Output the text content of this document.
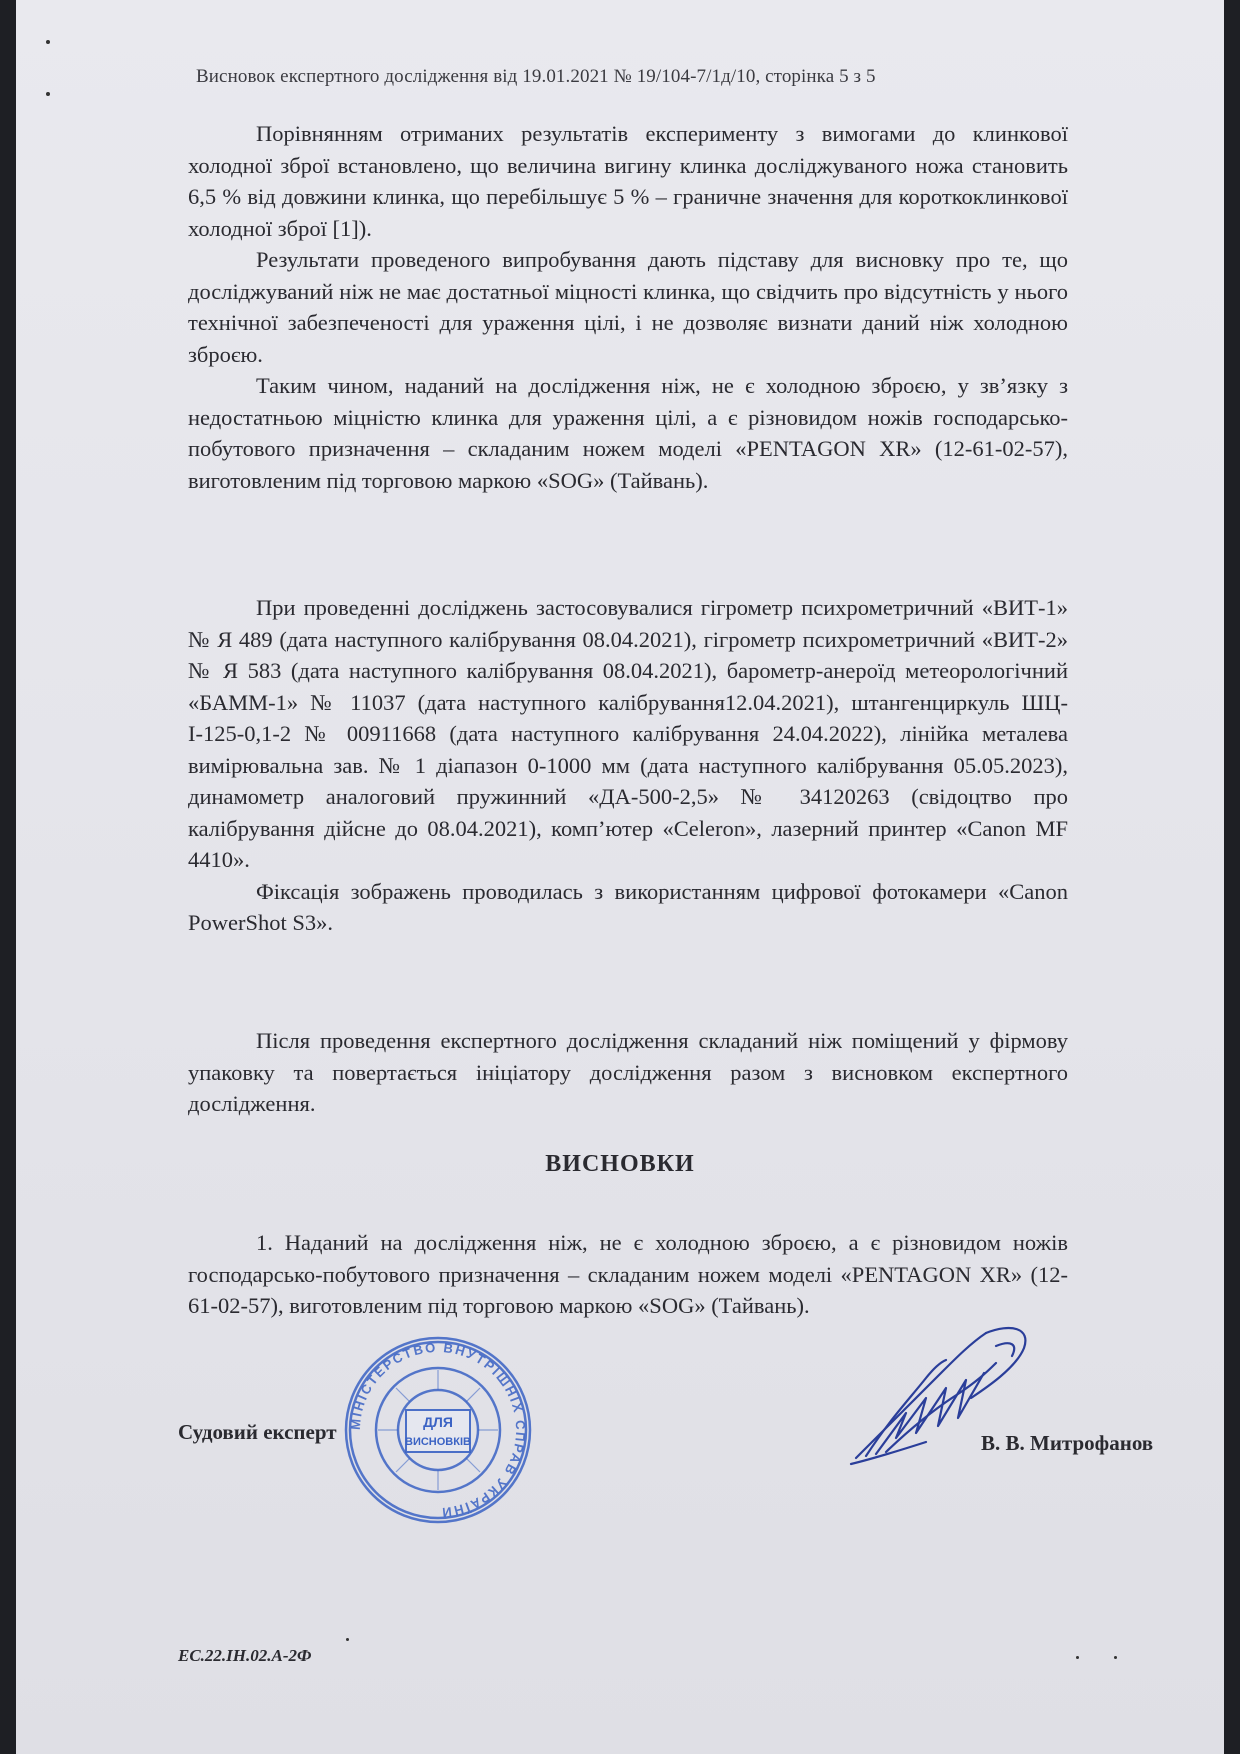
Висновок експертного дослідження від 19.01.2021 № 19/104-7/1д/10, сторінка 5 з 5

Порівнянням отриманих результатів експерименту з вимогами до клинкової холодної зброї встановлено, що величина вигину клинка досліджуваного ножа становить 6,5 % від довжини клинка, що перебільшує 5 % – граничне значення для короткоклинкової холодної зброї [1]).

Результати проведеного випробування дають підставу для висновку про те, що досліджуваний ніж не має достатньої міцності клинка, що свідчить про відсутність у нього технічної забезпеченості для ураження цілі, і не дозволяє визнати даний ніж холодною зброєю.

Таким чином, наданий на дослідження ніж, не є холодною зброєю, у зв’язку з недостатньою міцністю клинка для ураження цілі, а є різновидом ножів господарсько-побутового призначення – складаним ножем моделі «PENTAGON XR» (12-61-02-57), виготовленим під торговою маркою «SOG» (Тайвань).

При проведенні досліджень застосовувалися гігрометр психрометричний «ВИТ-1» № Я 489 (дата наступного калібрування 08.04.2021), гігрометр психрометричний «ВИТ-2» № Я 583 (дата наступного калібрування 08.04.2021), барометр-анероїд метеорологічний «БАММ-1» № 11037 (дата наступного калібрування12.04.2021), штангенциркуль ШЦ-І-125-0,1-2 № 00911668 (дата наступного калібрування 24.04.2022), лінійка металева вимірювальна зав. № 1 діапазон 0-1000 мм (дата наступного калібрування 05.05.2023), динамометр аналоговий пружинний «ДА-500-2,5» № 34120263 (свідоцтво про калібрування дійсне до 08.04.2021), комп’ютер «Celeron», лазерний принтер «Canon MF 4410».

Фіксація зображень проводилась з використанням цифрової фотокамери «Canon PowerShot S3».

Після проведення експертного дослідження складаний ніж поміщений у фірмову упаковку та повертається ініціатору дослідження разом з висновком експертного дослідження.

ВИСНОВКИ

1. Наданий на дослідження ніж, не є холодною зброєю, а є різновидом ножів господарсько-побутового призначення – складаним ножем моделі «PENTAGON XR» (12-61-02-57), виготовленим під торговою маркою «SOG» (Тайвань).

МІНІСТЕРСТВО ВНУТРІШНІХ СПРАВ УКРАЇНИ
ДЛЯ
ВИСНОВКІВ
Судовий експерт	В. В. Митрофанов
ЕС.22.ІН.02.А-2Ф
